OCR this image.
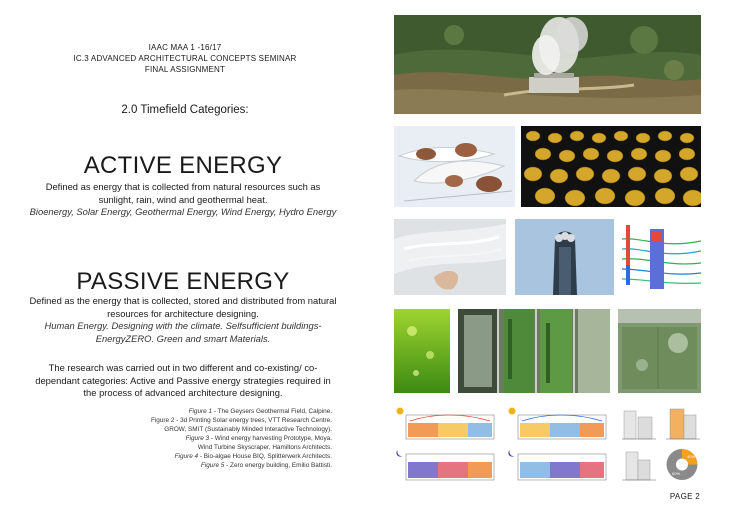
IAAC MAA 1 -16/17
IC.3 ADVANCED ARCHITECTURAL CONCEPTS SEMINAR
FINAL ASSIGNMENT
2.0 Timefield Categories:
ACTIVE ENERGY
Defined as energy that is collected from natural resources such as sunlight, rain, wind and geothermal heat.
Bioenergy, Solar Energy, Geothermal Energy, Wind Energy, Hydro Energy
PASSIVE ENERGY
Defined as the energy that is collected, stored and distributed from natural resources for architecture designing.
Human Energy. Designing with the climate. Selfsufficient buildings- EnergyZERO. Green and smart Materials.
The research was carried out in two different and co-existing/ co-dependant categories: Active and Passive energy strategies required in the process of advanced architecture designing.
Figure 1 - The Geysers Geothermal Field, Calpine.
Figure 2 - 3d Printing Solar energy trees, VTT Research Centre.
GROW, SMIT (Sustainably Minded Interactive Technology).
Figure 3 - Wind energy harvesting Prototype, Moya.
Wind Turbine Skyscraper, Hamiltons Architects.
Figure 4 - Bio-algae House BIQ, Splitterwerk Architects.
Figure 5 - Zero energy building, Emilio Battisti.
PAGE 2
40%
60%
